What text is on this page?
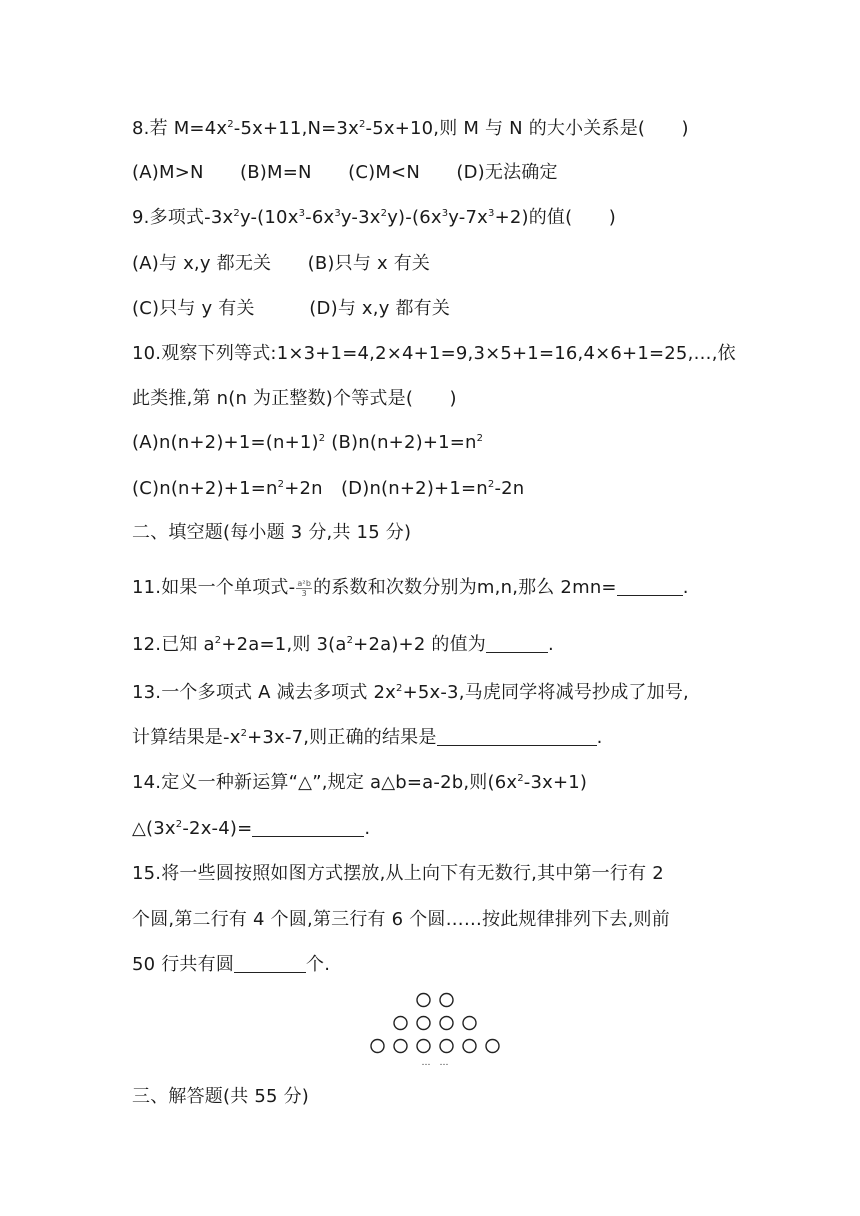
8.若 $M=4x^2-5x+11,N=3x^2-5x+10$,则 M 与 N 的大小关系是(　　)
(A)M>N　　(B)M=N　　(C)M<N　　(D)无法确定
9.多项式$-3x^2y-(10x^3-6x^3y-3x^2y)-(6x^3y-7x^3+2)$的值(　　)
(A)与 x,y 都无关　　(B)只与 x 有关
(C)只与 y 有关　　　(D)与 x,y 都有关
10.观察下列等式:1×3+1=4,2×4+1=9,3×5+1=16,4×6+1=25,…,依
此类推,第 n(n 为正整数)个等式是(　　)
$(A)n(n+2)+1=(n+1)^2$ $(B)n(n+2)+1=n^2$
$(C)n(n+2)+1=n^2+2n$　$(D)n(n+2)+1=n^2-2n$
二、填空题(每小题 3 分,共 15 分)
11.如果一个单项式- $\frac{\text{a²b}}{3}$ 的系数和次数分别为m,n,那么 2mn=	.
12.已知 $a^2+2a=1$,则 $3(a^2+2a)+2$ 的值为	.
13.一个多项式 A 减去多项式 $2x^2+5x-3$,马虎同学将减号抄成了加号,
计算结果是$-x^2+3x-7$,则正确的结果是	.
14.定义一种新运算“△”,规定 a△b=a-2b,则$(6x^2-3x+1)$
$\triangle(3x^2-2x-4)=$	.
15.将一些圆按照如图方式摆放,从上向下有无数行,其中第一行有 2
个圆,第二行有 4 个圆,第三行有 6 个圆……按此规律排列下去,则前
50 行共有圆	个.
…　…
三、解答题(共 55 分)
